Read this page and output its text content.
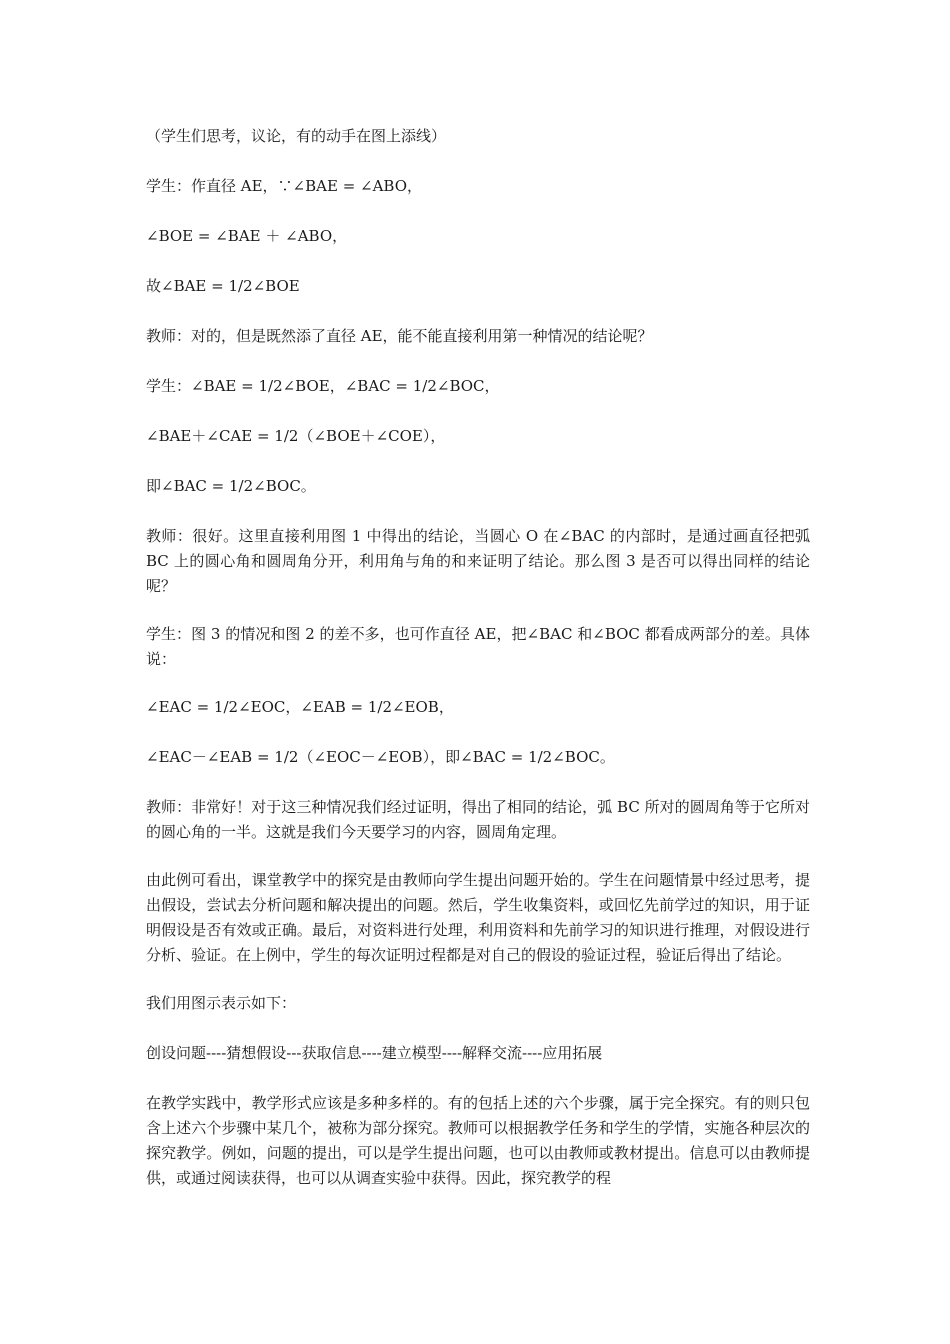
（学生们思考，议论，有的动手在图上添线）

学生：作直径 AE，∵∠BAE = ∠ABO，

∠BOE = ∠BAE ＋ ∠ABO，

故∠BAE = 1/2∠BOE

教师：对的，但是既然添了直径 AE，能不能直接利用第一种情况的结论呢？

学生：∠BAE = 1/2∠BOE，∠BAC = 1/2∠BOC，

∠BAE＋∠CAE = 1/2（∠BOE＋∠COE），

即∠BAC = 1/2∠BOC。

教师：很好。这里直接利用图 1 中得出的结论，当圆心 O 在∠BAC 的内部时，是通过画直径把弧 BC 上的圆心角和圆周角分开，利用角与角的和来证明了结论。那么图 3 是否可以得出同样的结论呢？

学生：图 3 的情况和图 2 的差不多，也可作直径 AE，把∠BAC 和∠BOC 都看成两部分的差。具体说：

∠EAC = 1/2∠EOC，∠EAB = 1/2∠EOB，

∠EAC－∠EAB = 1/2（∠EOC－∠EOB），即∠BAC = 1/2∠BOC。

教师：非常好！对于这三种情况我们经过证明，得出了相同的结论，弧 BC 所对的圆周角等于它所对的圆心角的一半。这就是我们今天要学习的内容，圆周角定理。

由此例可看出，课堂教学中的探究是由教师向学生提出问题开始的。学生在问题情景中经过思考，提出假设，尝试去分析问题和解决提出的问题。然后，学生收集资料，或回忆先前学过的知识，用于证明假设是否有效或正确。最后，对资料进行处理，利用资料和先前学习的知识进行推理，对假设进行分析、验证。在上例中，学生的每次证明过程都是对自己的假设的验证过程，验证后得出了结论。

我们用图示表示如下：

创设问题----猜想假设---获取信息----建立模型----解释交流----应用拓展

在教学实践中，教学形式应该是多种多样的。有的包括上述的六个步骤，属于完全探究。有的则只包含上述六个步骤中某几个，被称为部分探究。教师可以根据教学任务和学生的学情，实施各种层次的探究教学。例如，问题的提出，可以是学生提出问题，也可以由教师或教材提出。信息可以由教师提供，或通过阅读获得，也可以从调查实验中获得。因此，探究教学的程
